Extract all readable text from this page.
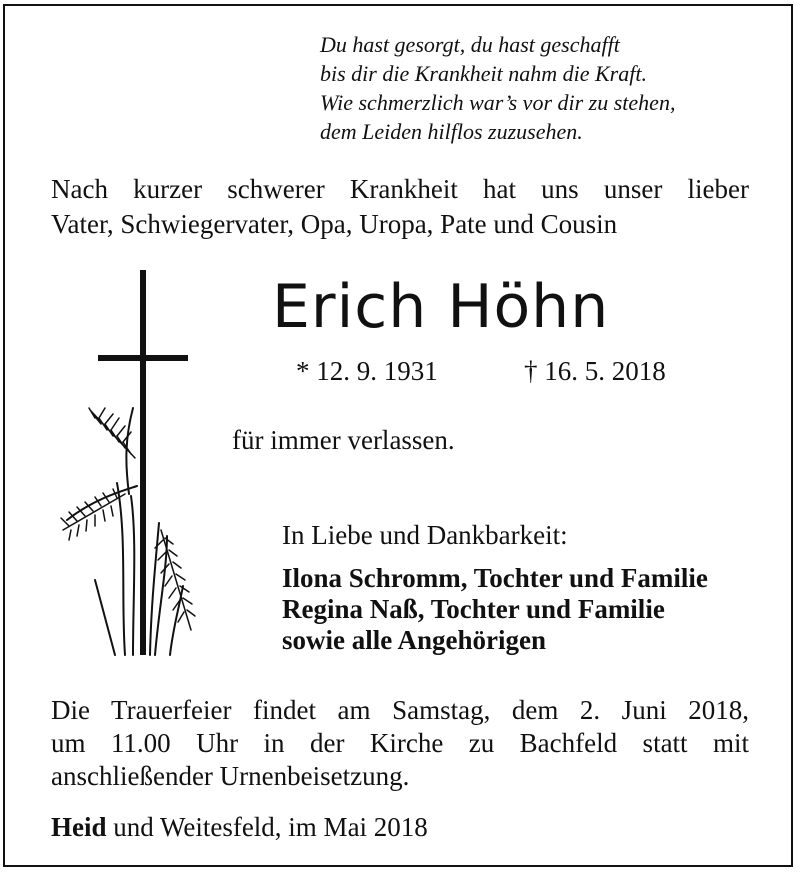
Du hast gesorgt, du hast geschafft
bis dir die Krankheit nahm die Kraft.
Wie schmerzlich war’s vor dir zu stehen,
dem Leiden hilflos zuzusehen.
Nach kurzer schwerer Krankheit hat uns unser lieber
Vater, Schwiegervater, Opa, Uropa, Pate und Cousin
Erich Höhn
* 12. 9. 1931	† 16. 5. 2018
für immer verlassen.
In Liebe und Dankbarkeit:
Ilona Schromm, Tochter und Familie
Regina Naß, Tochter und Familie
sowie alle Angehörigen
Die Trauerfeier findet am Samstag, dem 2. Juni 2018,
um 11.00 Uhr in der Kirche zu Bachfeld statt mit
anschließender Urnenbeisetzung.
Heid und Weitesfeld, im Mai 2018
